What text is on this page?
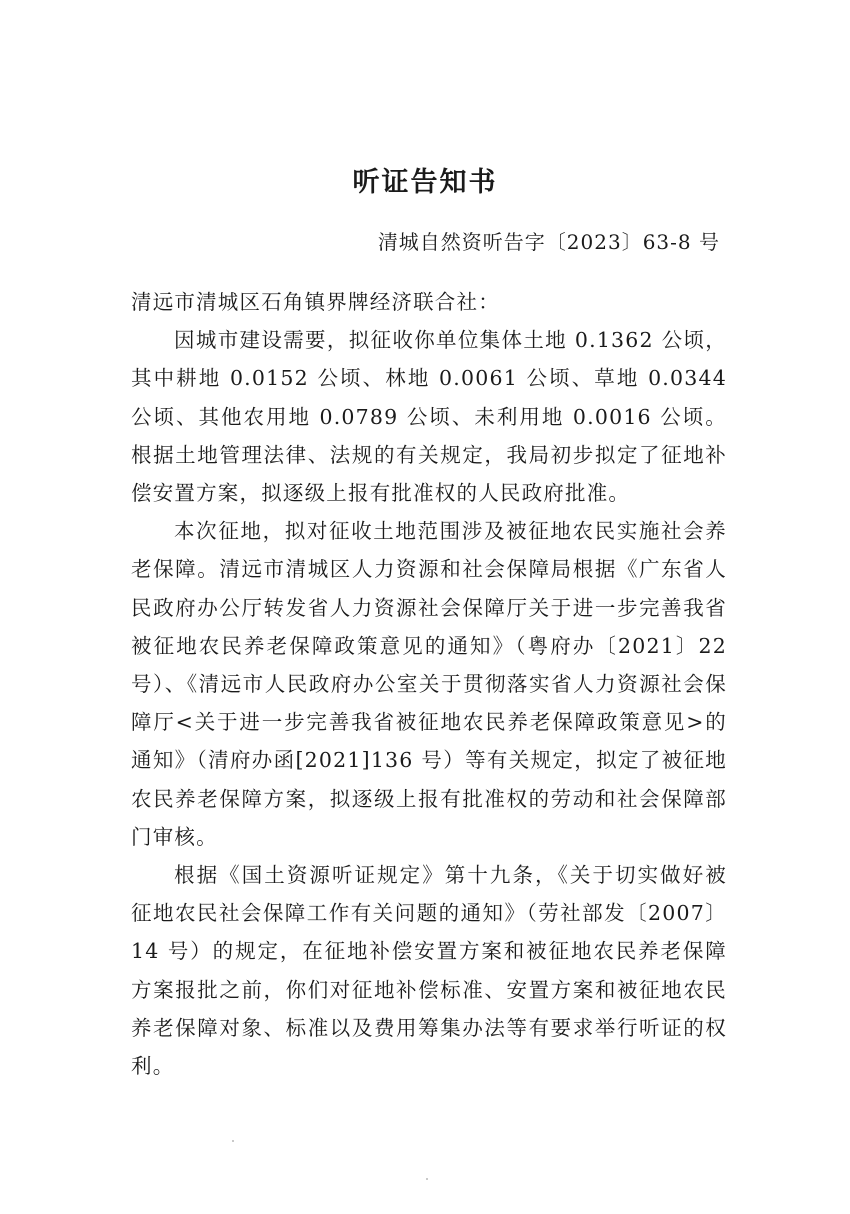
听证告知书
清城自然资听告字〔2023〕63-8 号

清远市清城区石角镇界牌经济联合社：

因城市建设需要，拟征收你单位集体土地 0.1362 公顷，其中耕地 0.0152 公顷、林地 0.0061 公顷、草地 0.0344 公顷、其他农用地 0.0789 公顷、未利用地 0.0016 公顷。根据土地管理法律、法规的有关规定，我局初步拟定了征地补偿安置方案，拟逐级上报有批准权的人民政府批准。

本次征地，拟对征收土地范围涉及被征地农民实施社会养老保障。清远市清城区人力资源和社会保障局根据《广东省人民政府办公厅转发省人力资源社会保障厅关于进一步完善我省被征地农民养老保障政策意见的通知》（粤府办〔2021〕22 号）、《清远市人民政府办公室关于贯彻落实省人力资源社会保障厅<关于进一步完善我省被征地农民养老保障政策意见>的通知》（清府办函[2021]136 号）等有关规定，拟定了被征地农民养老保障方案，拟逐级上报有批准权的劳动和社会保障部门审核。

根据《国土资源听证规定》第十九条，《关于切实做好被征地农民社会保障工作有关问题的通知》（劳社部发〔2007〕14 号）的规定，在征地补偿安置方案和被征地农民养老保障方案报批之前，你们对征地补偿标准、安置方案和被征地农民养老保障对象、标准以及费用筹集办法等有要求举行听证的权利。
